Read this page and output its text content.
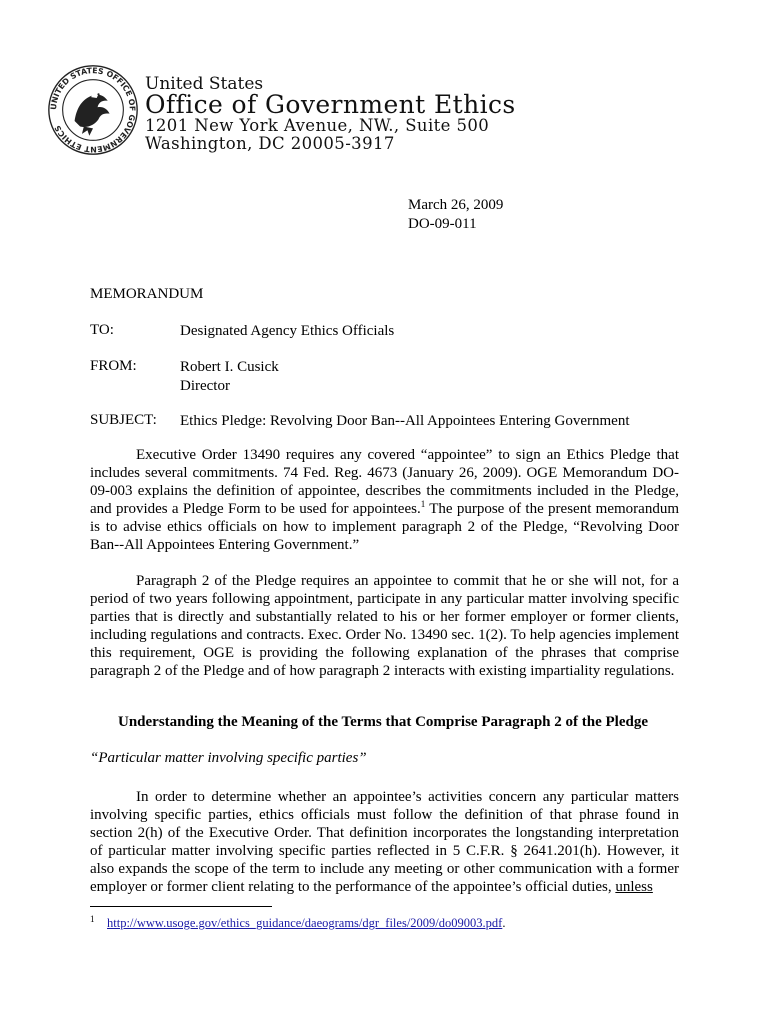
UNITED STATES OFFICE OF GOVERNMENT ETHICS
United States
Office of Government Ethics
1201 New York Avenue, NW., Suite 500
Washington, DC 20005-3917
March 26, 2009
DO-09-011
MEMORANDUM
TO:	Designated Agency Ethics Officials
FROM:	Robert I. Cusick
Director
SUBJECT: Ethics Pledge: Revolving Door Ban--All Appointees Entering Government

Executive Order 13490 requires any covered “appointee” to sign an Ethics Pledge that includes several commitments. 74 Fed. Reg. 4673 (January 26, 2009). OGE Memorandum DO-09-003 explains the definition of appointee, describes the commitments included in the Pledge, and provides a Pledge Form to be used for appointees.$^1$ The purpose of the present memorandum is to advise ethics officials on how to implement paragraph 2 of the Pledge, “Revolving Door Ban--All Appointees Entering Government.”

Paragraph 2 of the Pledge requires an appointee to commit that he or she will not, for a period of two years following appointment, participate in any particular matter involving specific parties that is directly and substantially related to his or her former employer or former clients, including regulations and contracts. Exec. Order No. 13490 sec. 1(2). To help agencies implement this requirement, OGE is providing the following explanation of the phrases that comprise paragraph 2 of the Pledge and of how paragraph 2 interacts with existing impartiality regulations.

Understanding the Meaning of the Terms that Comprise Paragraph 2 of the Pledge
“Particular matter involving specific parties”

In order to determine whether an appointee’s activities concern any particular matters involving specific parties, ethics officials must follow the definition of that phrase found in section 2(h) of the Executive Order. That definition incorporates the longstanding interpretation of particular matter involving specific parties reflected in 5 C.F.R. § 2641.201(h). However, it also expands the scope of the term to include any meeting or other communication with a former employer or former client relating to the performance of the appointee’s official duties, unless

$^1$ http://www.usoge.gov/ethics_guidance/daeograms/dgr_files/2009/do09003.pdf.
